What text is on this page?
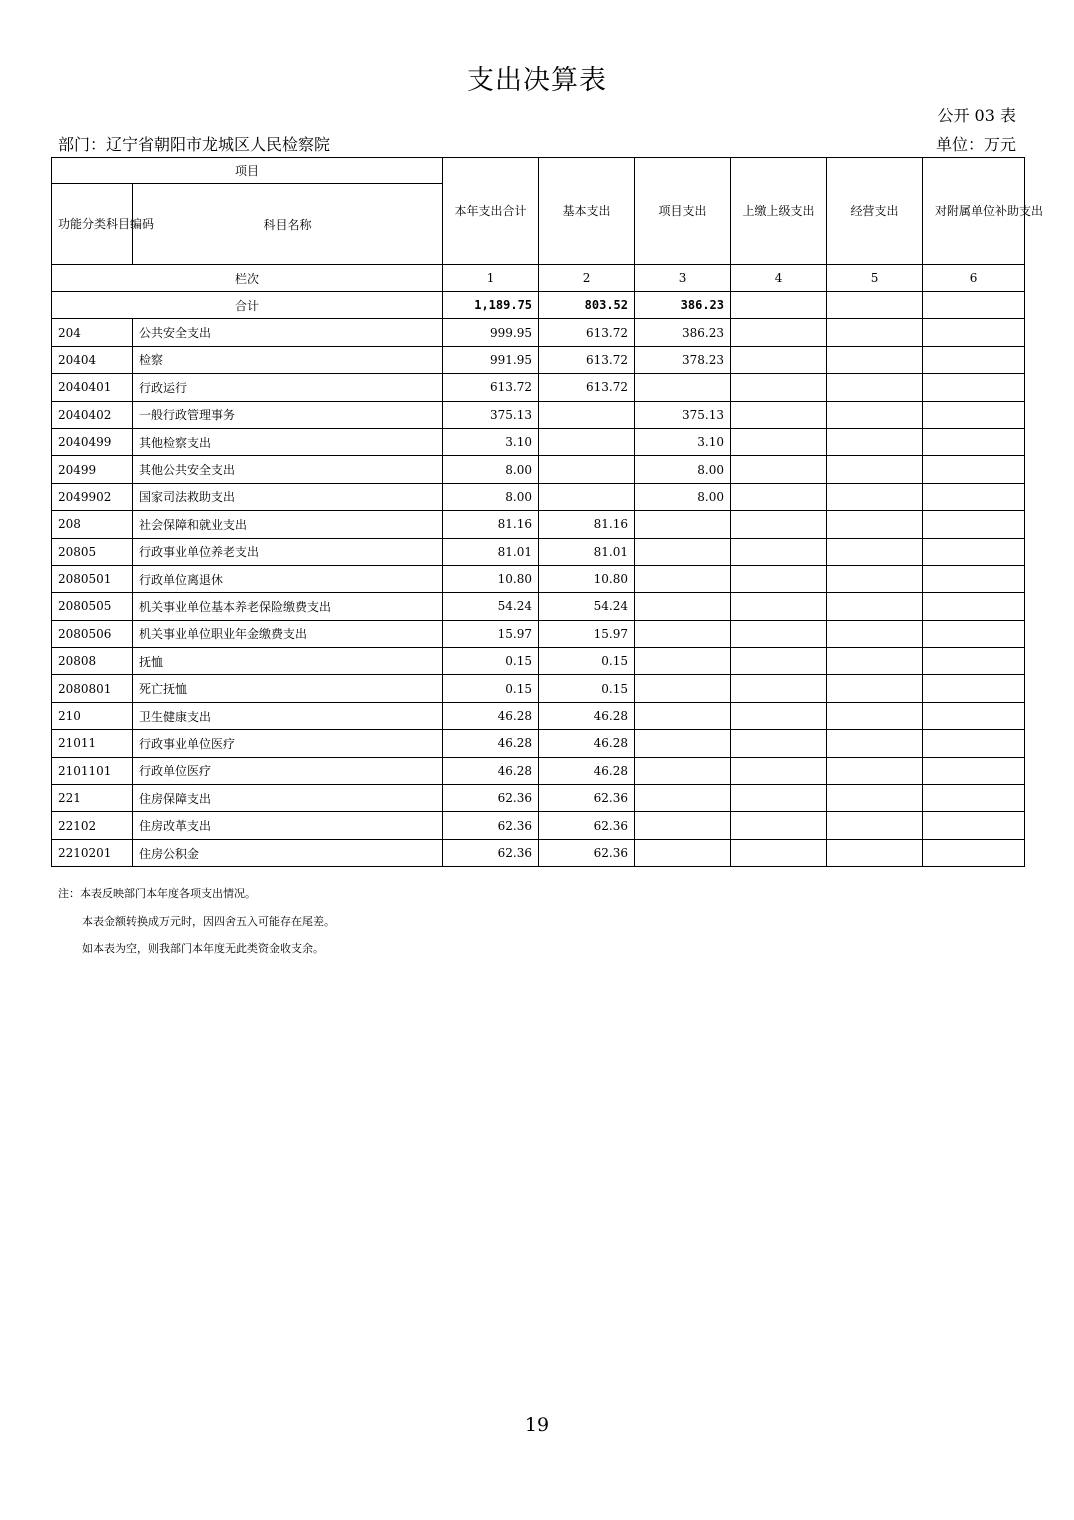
支出决算表
公开 03 表
部门：辽宁省朝阳市龙城区人民检察院	单位：万元
项目		本年支出合计	基本支出	项目支出	上缴上级支出	经营支出	对附属单位补助支出
功能分类科目编码	科目名称						
栏次		1	2	3	4	5	6
合计		1,189.75	803.52	386.23			
204	公共安全支出	999.95	613.72	386.23			
20404	检察	991.95	613.72	378.23			
2040401	行政运行	613.72	613.72				
2040402	一般行政管理事务	375.13		375.13			
2040499	其他检察支出	3.10		3.10			
20499	其他公共安全支出	8.00		8.00			
2049902	国家司法救助支出	8.00		8.00			
208	社会保障和就业支出	81.16	81.16				
20805	行政事业单位养老支出	81.01	81.01				
2080501	行政单位离退休	10.80	10.80				
2080505	机关事业单位基本养老保险缴费支出	54.24	54.24				
2080506	机关事业单位职业年金缴费支出	15.97	15.97				
20808	抚恤	0.15	0.15				
2080801	死亡抚恤	0.15	0.15				
210	卫生健康支出	46.28	46.28				
21011	行政事业单位医疗	46.28	46.28				
2101101	行政单位医疗	46.28	46.28				
221	住房保障支出	62.36	62.36				
22102	住房改革支出	62.36	62.36				
2210201	住房公积金	62.36	62.36				
注：本表反映部门本年度各项支出情况。
本表金额转换成万元时，因四舍五入可能存在尾差。
如本表为空，则我部门本年度无此类资金收支余。
19
